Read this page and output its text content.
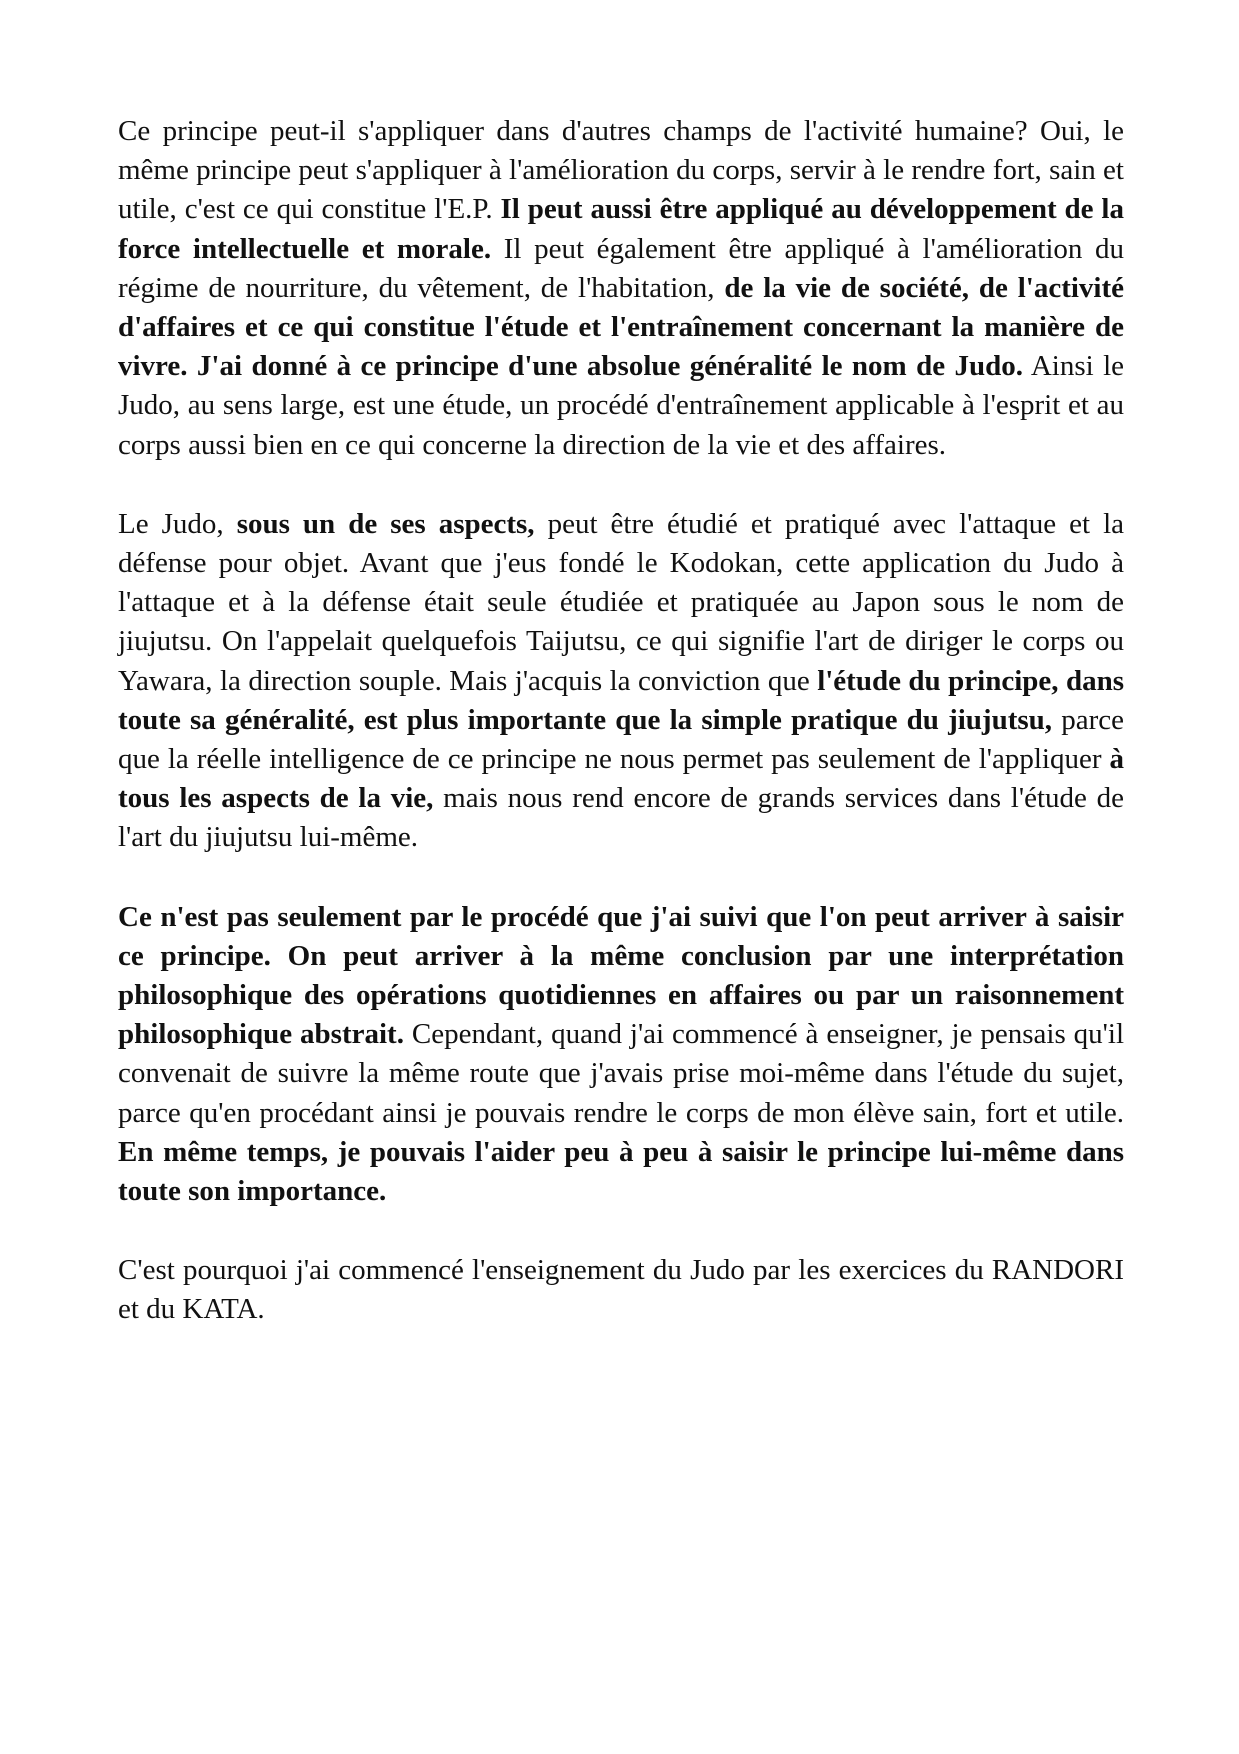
Ce principe peut-il s'appliquer dans d'autres champs de l'activité humaine? Oui, le même principe peut s'appliquer à l'amélioration du corps, servir à le rendre fort, sain et utile, c'est ce qui constitue l'E.P. Il peut aussi être appliqué au développement de la force intellectuelle et morale. Il peut également être appliqué à l'amélioration du régime de nourriture, du vêtement, de l'habitation, de la vie de société, de l'activité d'affaires et ce qui constitue l'étude et l'entraînement concernant la manière de vivre. J'ai donné à ce principe d'une absolue généralité le nom de Judo. Ainsi le Judo, au sens large, est une étude, un procédé d'entraînement applicable à l'esprit et au corps aussi bien en ce qui concerne la direction de la vie et des affaires.

Le Judo, sous un de ses aspects, peut être étudié et pratiqué avec l'attaque et la défense pour objet. Avant que j'eus fondé le Kodokan, cette application du Judo à l'attaque et à la défense était seule étudiée et pratiquée au Japon sous le nom de jiujutsu. On l'appelait quelquefois Taijutsu, ce qui signifie l'art de diriger le corps ou Yawara, la direction souple. Mais j'acquis la conviction que l'étude du principe, dans toute sa généralité, est plus importante que la simple pratique du jiujutsu, parce que la réelle intelligence de ce principe ne nous permet pas seulement de l'appliquer à tous les aspects de la vie, mais nous rend encore de grands services dans l'étude de l'art du jiujutsu lui-même.

Ce n'est pas seulement par le procédé que j'ai suivi que l'on peut arriver à saisir ce principe. On peut arriver à la même conclusion par une interprétation philosophique des opérations quotidiennes en affaires ou par un raisonnement philosophique abstrait. Cependant, quand j'ai commencé à enseigner, je pensais qu'il convenait de suivre la même route que j'avais prise moi-même dans l'étude du sujet, parce qu'en procédant ainsi je pouvais rendre le corps de mon élève sain, fort et utile. En même temps, je pouvais l'aider peu à peu à saisir le principe lui-même dans toute son importance.

C'est pourquoi j'ai commencé l'enseignement du Judo par les exercices du RANDORI et du KATA.
